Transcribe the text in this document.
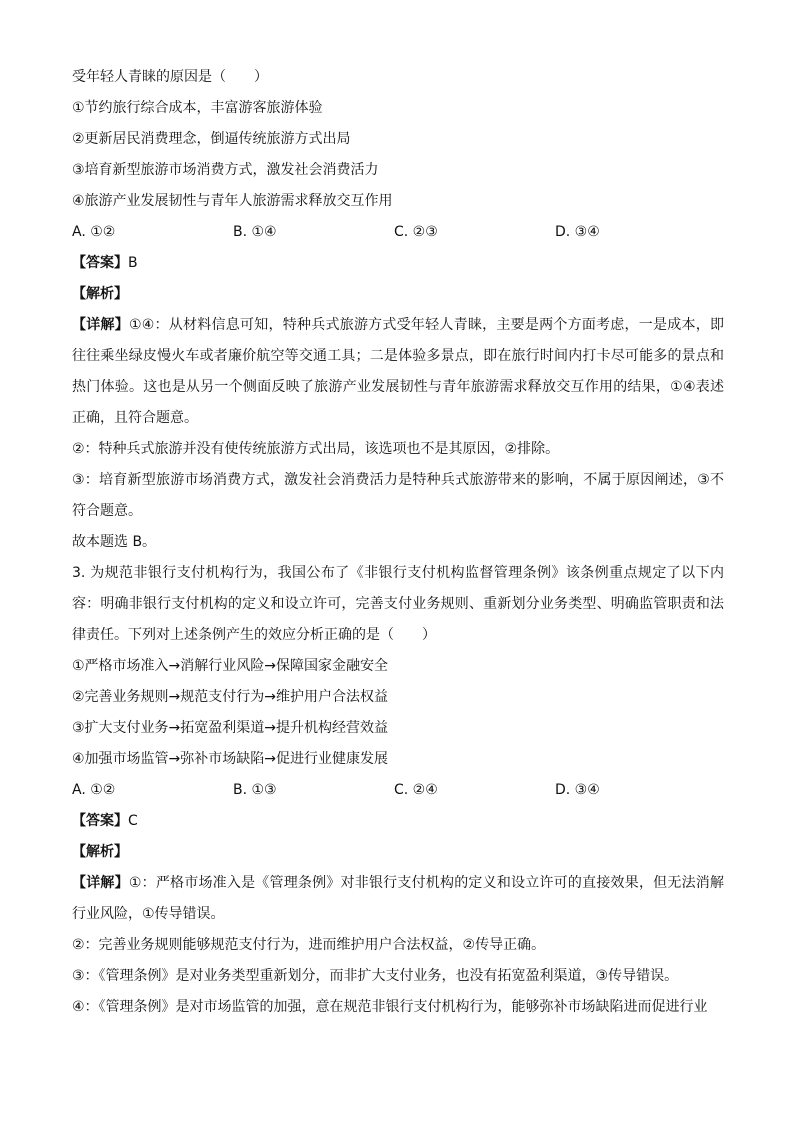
受年轻人青睐的原因是（　　）
①节约旅行综合成本，丰富游客旅游体验
②更新居民消费理念，倒逼传统旅游方式出局
③培育新型旅游市场消费方式，激发社会消费活力
④旅游产业发展韧性与青年人旅游需求释放交互作用
A. ①②	B. ①④	C. ②③	D. ③④
【答案】B
【解析】
【详解】①④：从材料信息可知，特种兵式旅游方式受年轻人青睐，主要是两个方面考虑，一是成本，即往往乘坐绿皮慢火车或者廉价航空等交通工具；二是体验多景点，即在旅行时间内打卡尽可能多的景点和热门体验。这也是从另一个侧面反映了旅游产业发展韧性与青年旅游需求释放交互作用的结果，①④表述正确，且符合题意。
②：特种兵式旅游并没有使传统旅游方式出局，该选项也不是其原因，②排除。
③：培育新型旅游市场消费方式，激发社会消费活力是特种兵式旅游带来的影响，不属于原因阐述，③不符合题意。
故本题选 B。
3. 为规范非银行支付机构行为，我国公布了《非银行支付机构监督管理条例》该条例重点规定了以下内容：明确非银行支付机构的定义和设立许可，完善支付业务规则、重新划分业务类型、明确监管职责和法律责任。下列对上述条例产生的效应分析正确的是（　　）
①严格市场准入→消解行业风险→保障国家金融安全
②完善业务规则→规范支付行为→维护用户合法权益
③扩大支付业务→拓宽盈利渠道→提升机构经营效益
④加强市场监管→弥补市场缺陷→促进行业健康发展
A. ①②	B. ①③	C. ②④	D. ③④
【答案】C
【解析】
【详解】①：严格市场准入是《管理条例》对非银行支付机构的定义和设立许可的直接效果，但无法消解行业风险，①传导错误。
②：完善业务规则能够规范支付行为，进而维护用户合法权益，②传导正确。
③：《管理条例》是对业务类型重新划分，而非扩大支付业务，也没有拓宽盈利渠道，③传导错误。
④：《管理条例》是对市场监管的加强，意在规范非银行支付机构行为，能够弥补市场缺陷进而促进行业
